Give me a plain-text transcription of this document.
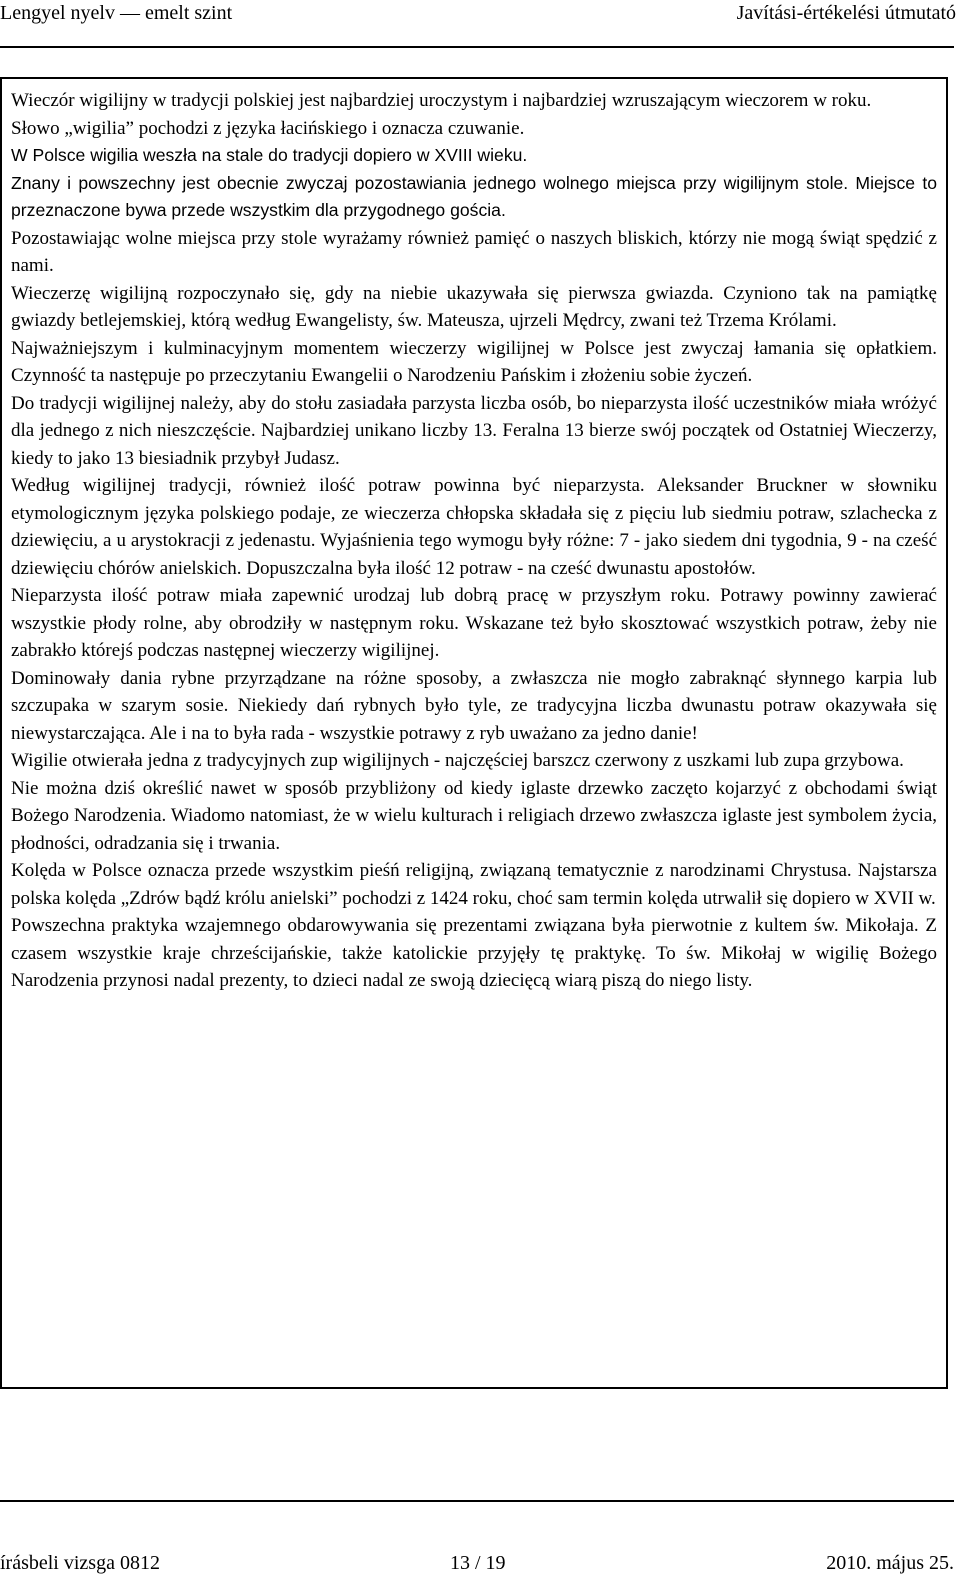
Lengyel nyelv — emelt szint	Javítási-értékelési útmutató

Wieczór wigilijny w tradycji polskiej jest najbardziej uroczystym i najbardziej wzruszającym wieczorem w roku.

Słowo „wigilia” pochodzi z języka łacińskiego i oznacza czuwanie.

W Polsce wigilia weszła na stale do tradycji dopiero w XVIII wieku.

Znany i powszechny jest obecnie zwyczaj pozostawiania jednego wolnego miejsca przy wigilijnym stole. Miejsce to przeznaczone bywa przede wszystkim dla przygodnego gościa.

Pozostawiając wolne miejsca przy stole wyrażamy również pamięć o naszych bliskich, którzy nie mogą świąt spędzić z nami.

Wieczerzę wigilijną rozpoczynało się, gdy na niebie ukazywała się pierwsza gwiazda. Czyniono tak na pamiątkę gwiazdy betlejemskiej, którą według Ewangelisty, św. Mateusza, ujrzeli Mędrcy, zwani też Trzema Królami.

Najważniejszym i kulminacyjnym momentem wieczerzy wigilijnej w Polsce jest zwyczaj łamania się opłatkiem. Czynność ta następuje po przeczytaniu Ewangelii o Narodzeniu Pańskim i złożeniu sobie życzeń.

Do tradycji wigilijnej należy, aby do stołu zasiadała parzysta liczba osób, bo nieparzysta ilość uczestników miała wróżyć dla jednego z nich nieszczęście. Najbardziej unikano liczby 13. Feralna 13 bierze swój początek od Ostatniej Wieczerzy, kiedy to jako 13 biesiadnik przybył Judasz.

Według wigilijnej tradycji, również ilość potraw powinna być nieparzysta. Aleksander Bruckner w słowniku etymologicznym języka polskiego podaje, ze wieczerza chłopska składała się z pięciu lub siedmiu potraw, szlachecka z dziewięciu, a u arystokracji z jedenastu. Wyjaśnienia tego wymogu były różne: 7 - jako siedem dni tygodnia, 9 - na cześć dziewięciu chórów anielskich. Dopuszczalna była ilość 12 potraw - na cześć dwunastu apostołów.

Nieparzysta ilość potraw miała zapewnić urodzaj lub dobrą pracę w przyszłym roku. Potrawy powinny zawierać wszystkie płody rolne, aby obrodziły w następnym roku. Wskazane też było skosztować wszystkich potraw, żeby nie zabrakło którejś podczas następnej wieczerzy wigilijnej.

Dominowały dania rybne przyrządzane na różne sposoby, a zwłaszcza nie mogło zabraknąć słynnego karpia lub szczupaka w szarym sosie. Niekiedy dań rybnych było tyle, ze tradycyjna liczba dwunastu potraw okazywała się niewystarczająca. Ale i na to była rada - wszystkie potrawy z ryb uważano za jedno danie!

Wigilie otwierała jedna z tradycyjnych zup wigilijnych - najczęściej barszcz czerwony z uszkami lub zupa grzybowa.

Nie można dziś określić nawet w sposób przybliżony od kiedy iglaste drzewko zaczęto kojarzyć z obchodami świąt Bożego Narodzenia. Wiadomo natomiast, że w wielu kulturach i religiach drzewo zwłaszcza iglaste jest symbolem życia, płodności, odradzania się i trwania.

Kolęda w Polsce oznacza przede wszystkim pieśń religijną, związaną tematycznie z narodzinami Chrystusa. Najstarsza polska kolęda „Zdrów bądź królu anielski” pochodzi z 1424 roku, choć sam termin kolęda utrwalił się dopiero w XVII w.

Powszechna praktyka wzajemnego obdarowywania się prezentami związana była pierwotnie z kultem św. Mikołaja. Z czasem wszystkie kraje chrześcijańskie, także katolickie przyjęły tę praktykę. To św. Mikołaj w wigilię Bożego Narodzenia przynosi nadal prezenty, to dzieci nadal ze swoją dziecięcą wiarą piszą do niego listy.

írásbeli vizsga 0812	13 / 19	2010. május 25.
